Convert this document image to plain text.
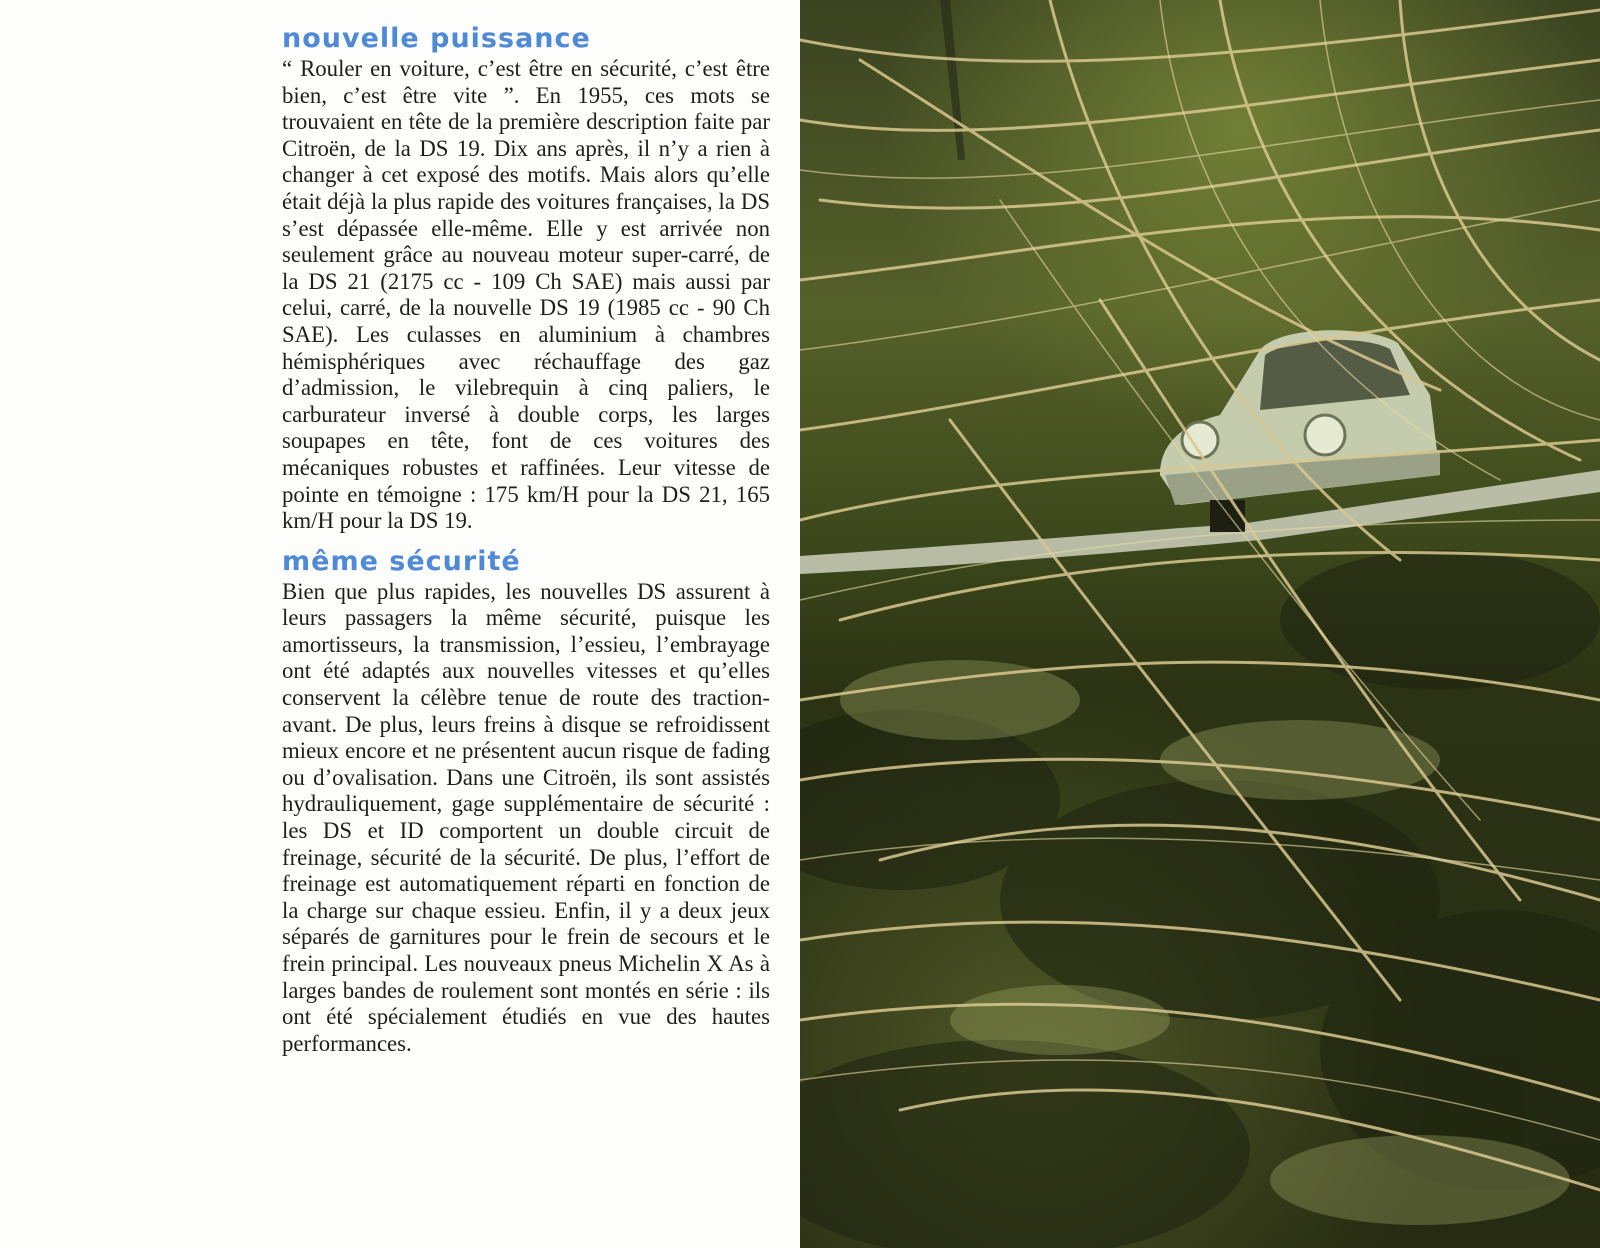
nouvelle puissance

“ Rouler en voiture, c’est être en sécurité, c’est être bien, c’est être vite ”. En 1955, ces mots se trouvaient en tête de la première description faite par Citroën, de la DS 19. Dix ans après, il n’y a rien à changer à cet exposé des motifs. Mais alors qu’elle était déjà la plus rapide des voitures françaises, la DS s’est dépassée elle-même. Elle y est arrivée non seulement grâce au nouveau moteur super-carré, de la DS 21 (2175 cc - 109 Ch SAE) mais aussi par celui, carré, de la nouvelle DS 19 (1985 cc - 90 Ch SAE). Les culasses en aluminium à chambres hémisphériques avec réchauffage des gaz d’admission, le vilebrequin à cinq paliers, le carburateur inversé à double corps, les larges soupapes en tête, font de ces voitures des mécaniques robustes et raffinées. Leur vitesse de pointe en témoigne : 175 km/H pour la DS 21, 165 km/H pour la DS 19.

même sécurité

Bien que plus rapides, les nouvelles DS assurent à leurs passagers la même sécurité, puisque les amortisseurs, la transmission, l’essieu, l’embrayage ont été adaptés aux nouvelles vitesses et qu’elles conservent la célèbre tenue de route des traction-avant. De plus, leurs freins à disque se refroidissent mieux encore et ne présentent aucun risque de fading ou d’ovalisation. Dans une Citroën, ils sont assistés hydrauliquement, gage supplémentaire de sécurité : les DS et ID comportent un double circuit de freinage, sécurité de la sécurité. De plus, l’effort de freinage est automatiquement réparti en fonction de la charge sur chaque essieu. Enfin, il y a deux jeux séparés de garnitures pour le frein de secours et le frein principal. Les nouveaux pneus Michelin X As à larges bandes de roulement sont montés en série : ils ont été spécialement étudiés en vue des hautes performances.
